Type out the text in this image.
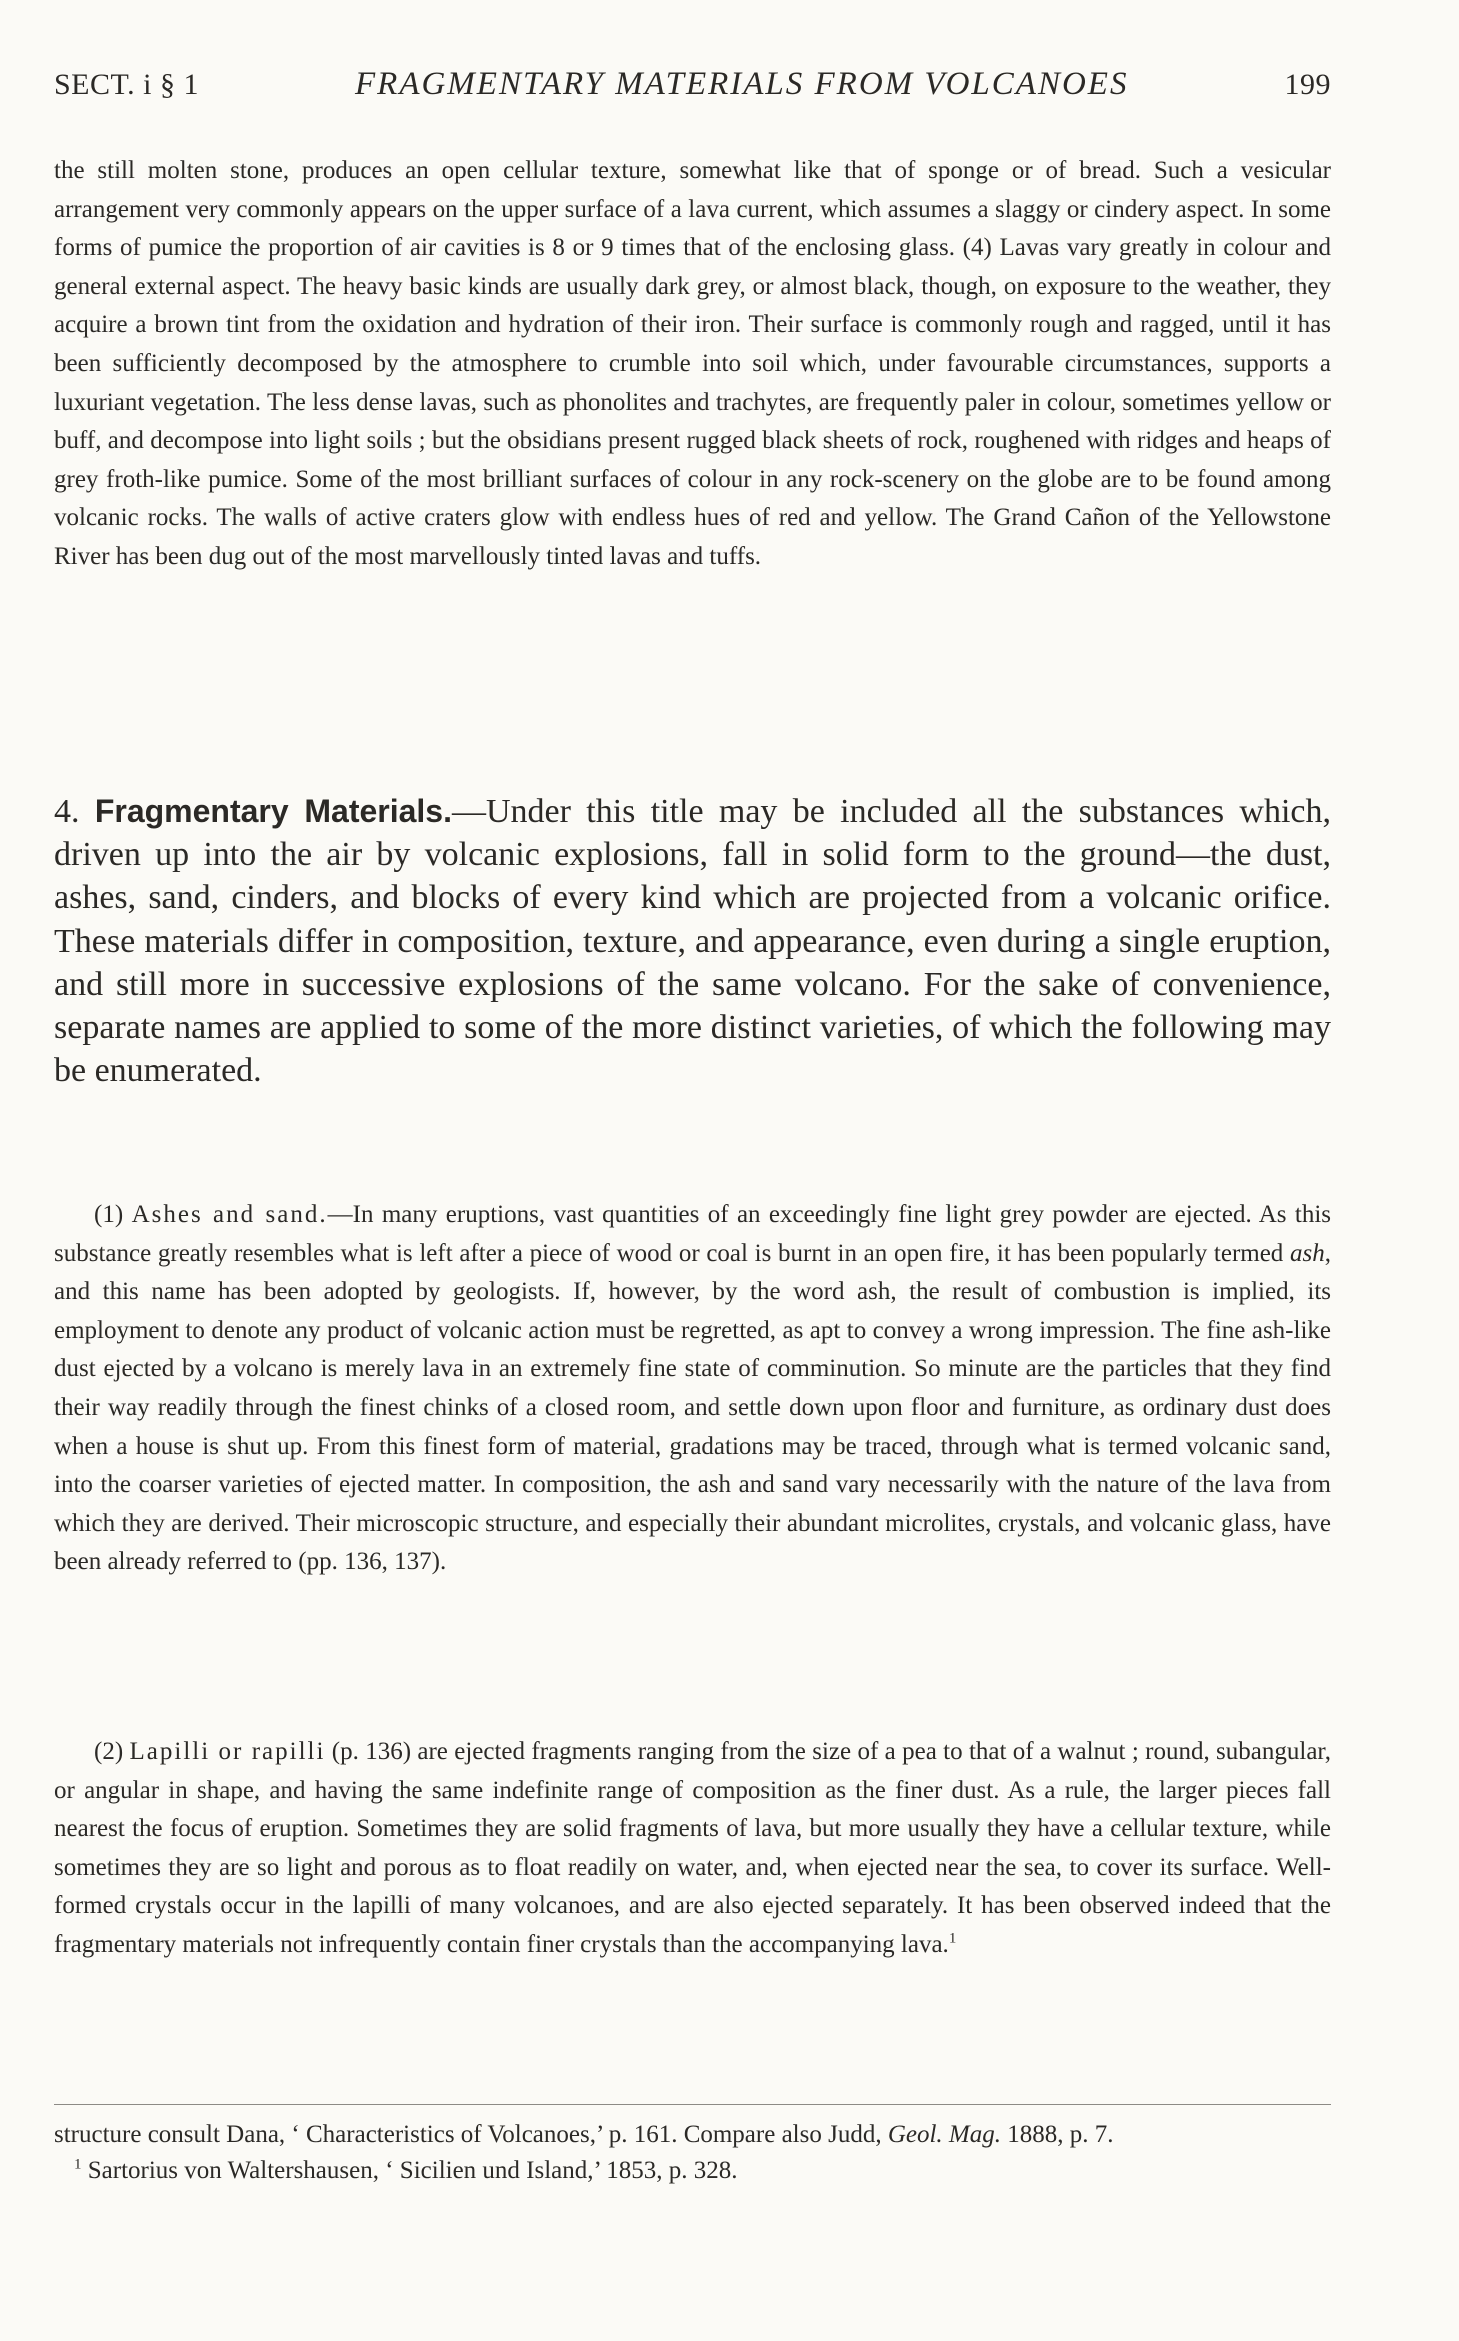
SECT. i § 1	FRAGMENTARY MATERIALS FROM VOLCANOES	199
the still molten stone, produces an open cellular texture, somewhat like that of sponge or of bread. Such a vesicular arrangement very commonly appears on the upper surface of a lava current, which assumes a slaggy or cindery aspect. In some forms of pumice the proportion of air cavities is 8 or 9 times that of the enclosing glass. (4) Lavas vary greatly in colour and general external aspect. The heavy basic kinds are usually dark grey, or almost black, though, on exposure to the weather, they acquire a brown tint from the oxidation and hydration of their iron. Their surface is commonly rough and ragged, until it has been sufficiently decomposed by the atmosphere to crumble into soil which, under favourable circumstances, supports a luxuriant vegetation. The less dense lavas, such as phonolites and trachytes, are frequently paler in colour, sometimes yellow or buff, and decompose into light soils ; but the obsidians present rugged black sheets of rock, roughened with ridges and heaps of grey froth-like pumice. Some of the most brilliant surfaces of colour in any rock-scenery on the globe are to be found among volcanic rocks. The walls of active craters glow with endless hues of red and yellow. The Grand Cañon of the Yellowstone River has been dug out of the most marvellously tinted lavas and tuffs.
4. Fragmentary Materials.—Under this title may be included all the substances which, driven up into the air by volcanic explosions, fall in solid form to the ground—the dust, ashes, sand, cinders, and blocks of every kind which are projected from a volcanic orifice. These materials differ in composition, texture, and appearance, even during a single eruption, and still more in successive explosions of the same volcano. For the sake of convenience, separate names are applied to some of the more distinct varieties, of which the following may be enumerated.

(1) Ashes and sand.—In many eruptions, vast quantities of an exceedingly fine light grey powder are ejected. As this substance greatly resembles what is left after a piece of wood or coal is burnt in an open fire, it has been popularly termed ash, and this name has been adopted by geologists. If, however, by the word ash, the result of combustion is implied, its employment to denote any product of volcanic action must be regretted, as apt to convey a wrong impression. The fine ash-like dust ejected by a volcano is merely lava in an extremely fine state of comminution. So minute are the particles that they find their way readily through the finest chinks of a closed room, and settle down upon floor and furniture, as ordinary dust does when a house is shut up. From this finest form of material, gradations may be traced, through what is termed volcanic sand, into the coarser varieties of ejected matter. In composition, the ash and sand vary necessarily with the nature of the lava from which they are derived. Their microscopic structure, and especially their abundant microlites, crystals, and volcanic glass, have been already referred to (pp. 136, 137).

(2) Lapilli or rapilli (p. 136) are ejected fragments ranging from the size of a pea to that of a walnut ; round, subangular, or angular in shape, and having the same indefinite range of composition as the finer dust. As a rule, the larger pieces fall nearest the focus of eruption. Sometimes they are solid fragments of lava, but more usually they have a cellular texture, while sometimes they are so light and porous as to float readily on water, and, when ejected near the sea, to cover its surface. Well-formed crystals occur in the lapilli of many volcanoes, and are also ejected separately. It has been observed indeed that the fragmentary materials not infrequently contain finer crystals than the accompanying lava.$^1$

structure consult Dana, ‘ Characteristics of Volcanoes,’ p. 161. Compare also Judd, Geol. Mag. 1888, p. 7.

$^1$ Sartorius von Waltershausen, ‘ Sicilien und Island,’ 1853, p. 328.
